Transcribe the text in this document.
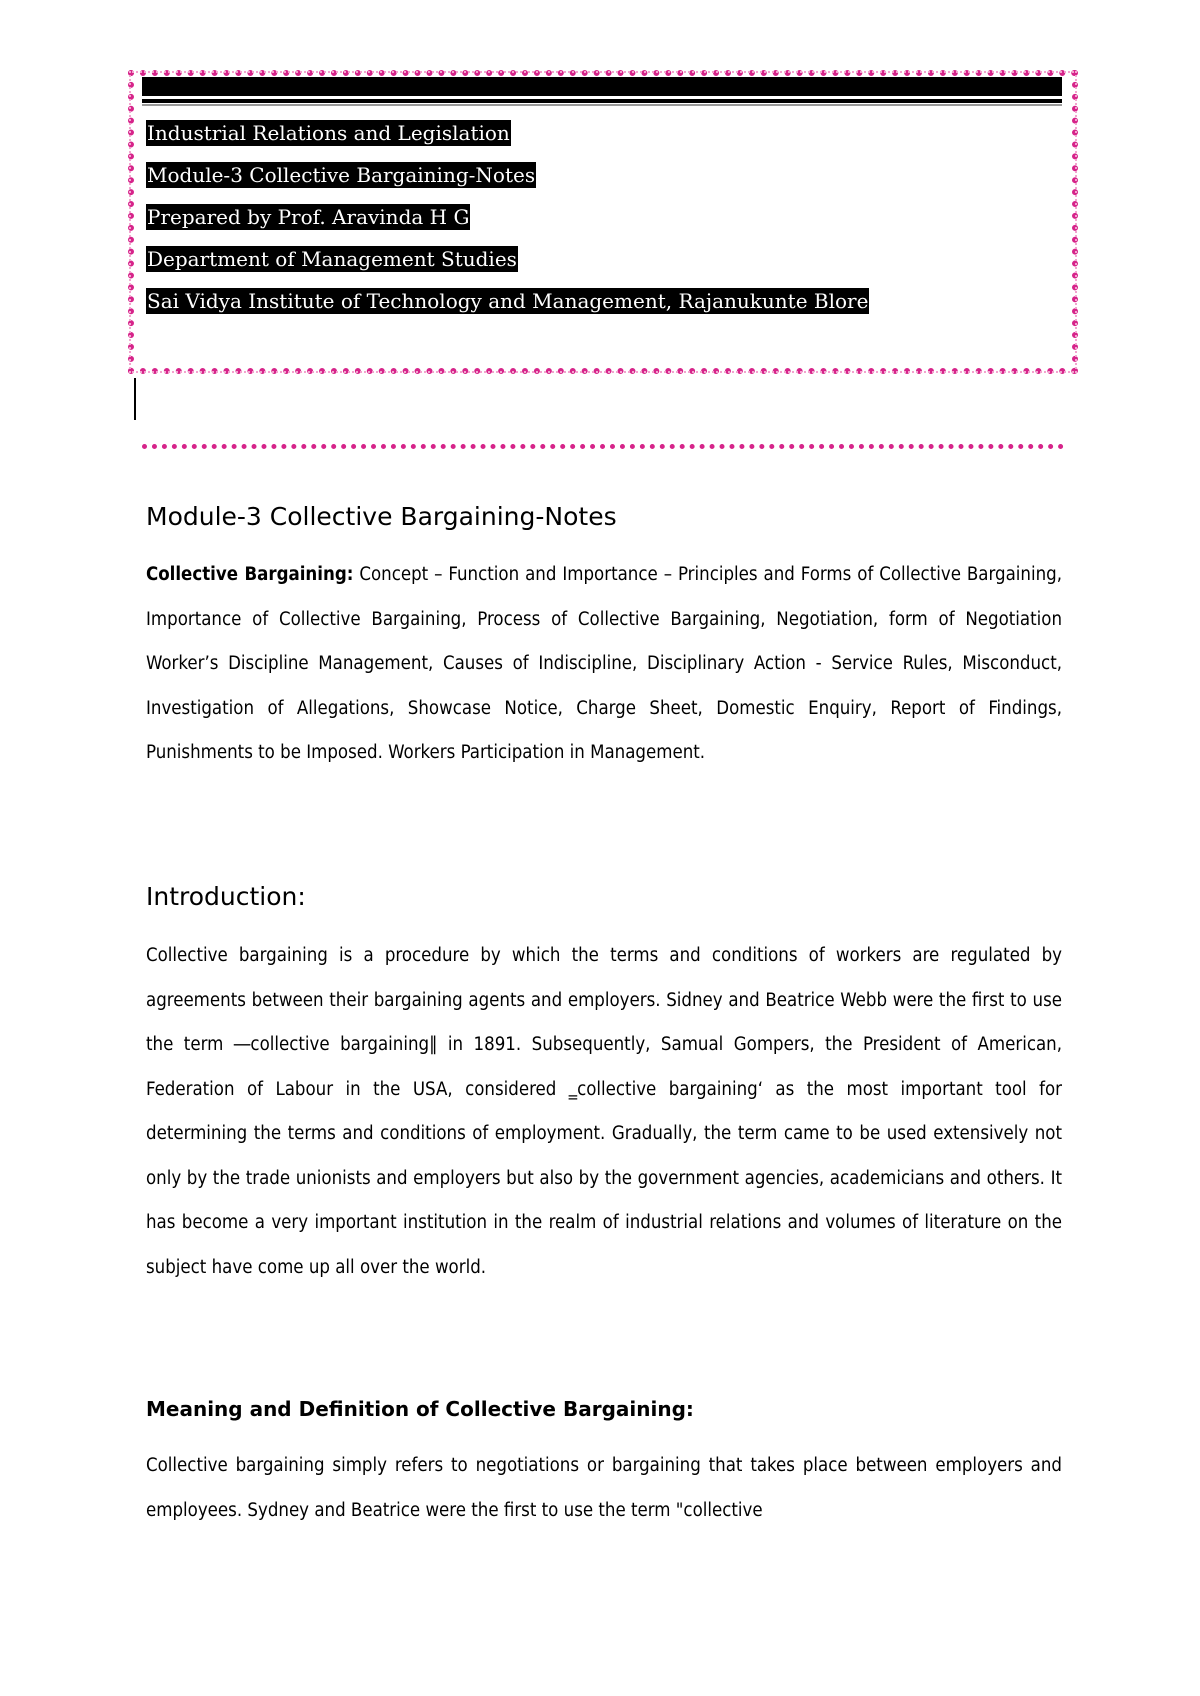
Industrial Relations and Legislation
Module-3 Collective Bargaining-Notes
Prepared by Prof. Aravinda H G
Department of Management Studies
Sai Vidya Institute of Technology and Management, Rajanukunte Blore
Module-3 Collective Bargaining-Notes

Collective Bargaining: Concept – Function and Importance – Principles and Forms of Collective Bargaining, Importance of Collective Bargaining, Process of Collective Bargaining, Negotiation, form of Negotiation Worker’s Discipline Management, Causes of Indiscipline, Disciplinary Action - Service Rules, Misconduct, Investigation of Allegations, Showcase Notice, Charge Sheet, Domestic Enquiry, Report of Findings, Punishments to be Imposed. Workers Participation in Management.

Introduction:

Collective bargaining is a procedure by which the terms and conditions of workers are regulated by agreements between their bargaining agents and employers. Sidney and Beatrice Webb were the first to use the term ―collective bargaining‖ in 1891. Subsequently, Samual Gompers, the President of American, Federation of Labour in the USA, considered ‗collective bargaining‘ as the most important tool for determining the terms and conditions of employment. Gradually, the term came to be used extensively not only by the trade unionists and employers but also by the government agencies, academicians and others. It has become a very important institution in the realm of industrial relations and volumes of literature on the subject have come up all over the world.

Meaning and Definition of Collective Bargaining:

Collective bargaining simply refers to negotiations or bargaining that takes place between employers and employees. Sydney and Beatrice were the first to use the term "collective
